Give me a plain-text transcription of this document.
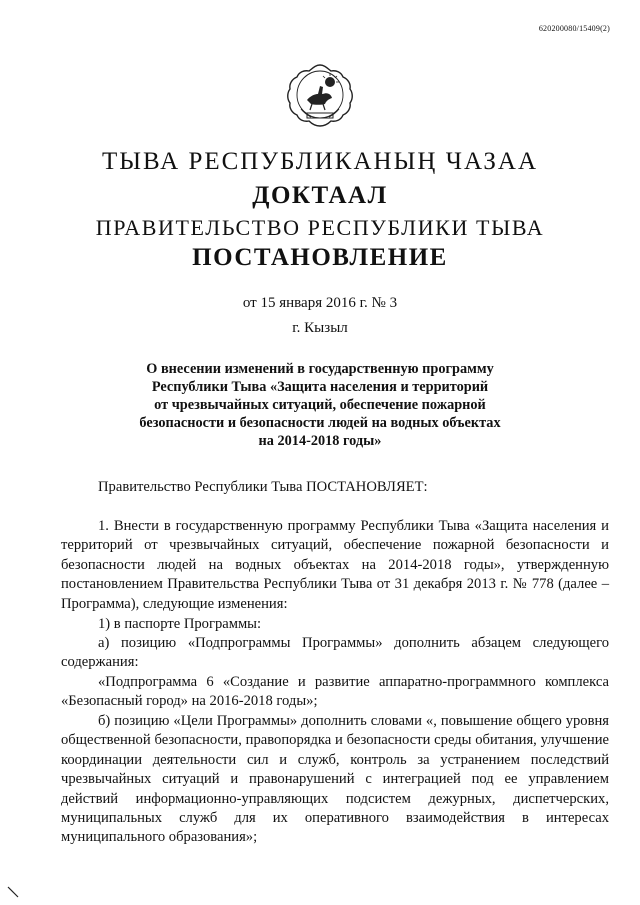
620200080/15409(2)
ТЫВА РЕСПУБЛИКАНЫҢ ЧАЗАА
ДОКТААЛ
ПРАВИТЕЛЬСТВО РЕСПУБЛИКИ ТЫВА
ПОСТАНОВЛЕНИЕ
от 15 января 2016 г. № 3
г. Кызыл
О внесении изменений в государственную программу
Республики Тыва «Защита населения и территорий
от чрезвычайных ситуаций, обеспечение пожарной
безопасности и безопасности людей на водных объектах
на 2014-2018 годы»
Правительство Республики Тыва ПОСТАНОВЛЯЕТ:
1. Внести в государственную программу Республики Тыва «Защита населения и территорий от чрезвычайных ситуаций, обеспечение пожарной безопасности и безопасности людей на водных объектах на 2014-2018 годы», утвержденную постановлением Правительства Республики Тыва от 31 декабря 2013 г. № 778 (далее – Программа), следующие изменения:
1) в паспорте Программы:
а) позицию «Подпрограммы Программы» дополнить абзацем следующего содержания:
«Подпрограмма 6 «Создание и развитие аппаратно-программного комплекса «Безопасный город» на 2016-2018 годы»;
б) позицию «Цели Программы» дополнить словами «, повышение общего уровня общественной безопасности, правопорядка и безопасности среды обитания, улучшение координации деятельности сил и служб, контроль за устранением последствий чрезвычайных ситуаций и правонарушений с интеграцией под ее управлением действий информационно-управляющих подсистем дежурных, диспетчерских, муниципальных служб для их оперативного взаимодействия в интересах муниципального образования»;
